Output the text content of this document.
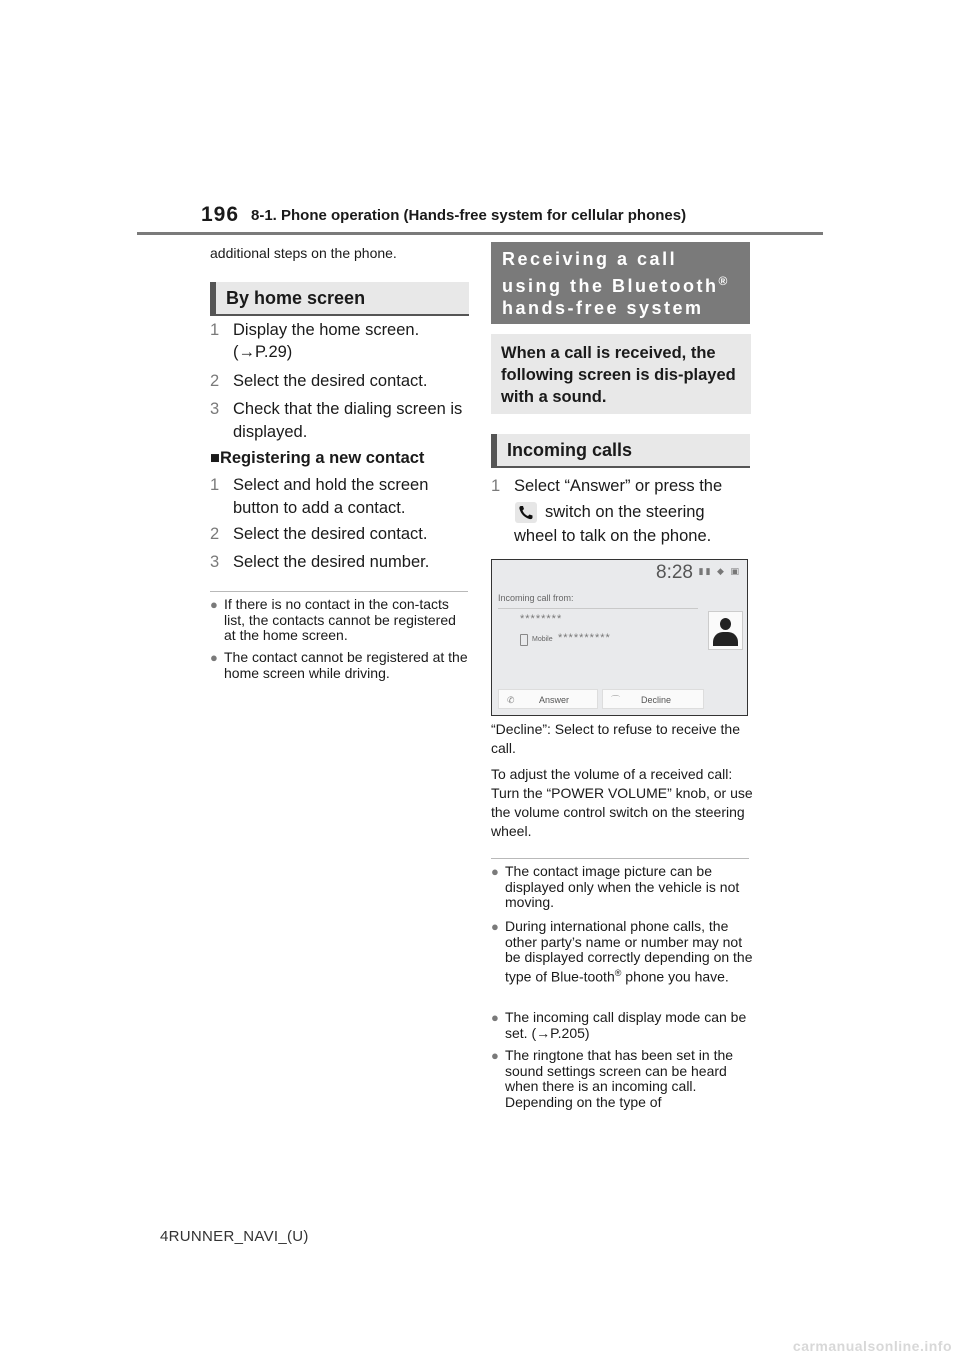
196 8-1. Phone operation (Hands-free system for cellular phones)
additional steps on the phone.
By home screen
1 Display the home screen.
(→P.29)
2 Select the desired contact.
3 Check that the dialing screen is displayed.
■Registering a new contact
1 Select and hold the screen button to add a contact.
2 Select the desired contact.
3 Select the desired number.
● If there is no contact in the con-tacts list, the contacts cannot be registered at the home screen.
● The contact cannot be registered at the home screen while driving.
Receiving a call using the Bluetooth®
hands-free system
When a call is received, the following screen is dis-played with a sound.
Incoming calls
1 Select “Answer” or press the
switch on the steering
wheel to talk on the phone.
8:28 ▮▮ ◆ ▣
Incoming call from:
********
Mobile **********
✆	Answer	⌒ Decline
“Decline”: Select to refuse to receive the call.
To adjust the volume of a received call: Turn the “POWER VOLUME” knob, or use the volume control switch on the steering wheel.
● The contact image picture can be displayed only when the vehicle is not moving.
● During international phone calls, the other party’s name or number may not be displayed correctly depending on the type of Blue-tooth® phone you have.
● The incoming call display mode can be set. (→P.205)
● The ringtone that has been set in the sound settings screen can be heard when there is an incoming call. Depending on the type of
4RUNNER_NAVI_(U)
carmanualsonline.info
